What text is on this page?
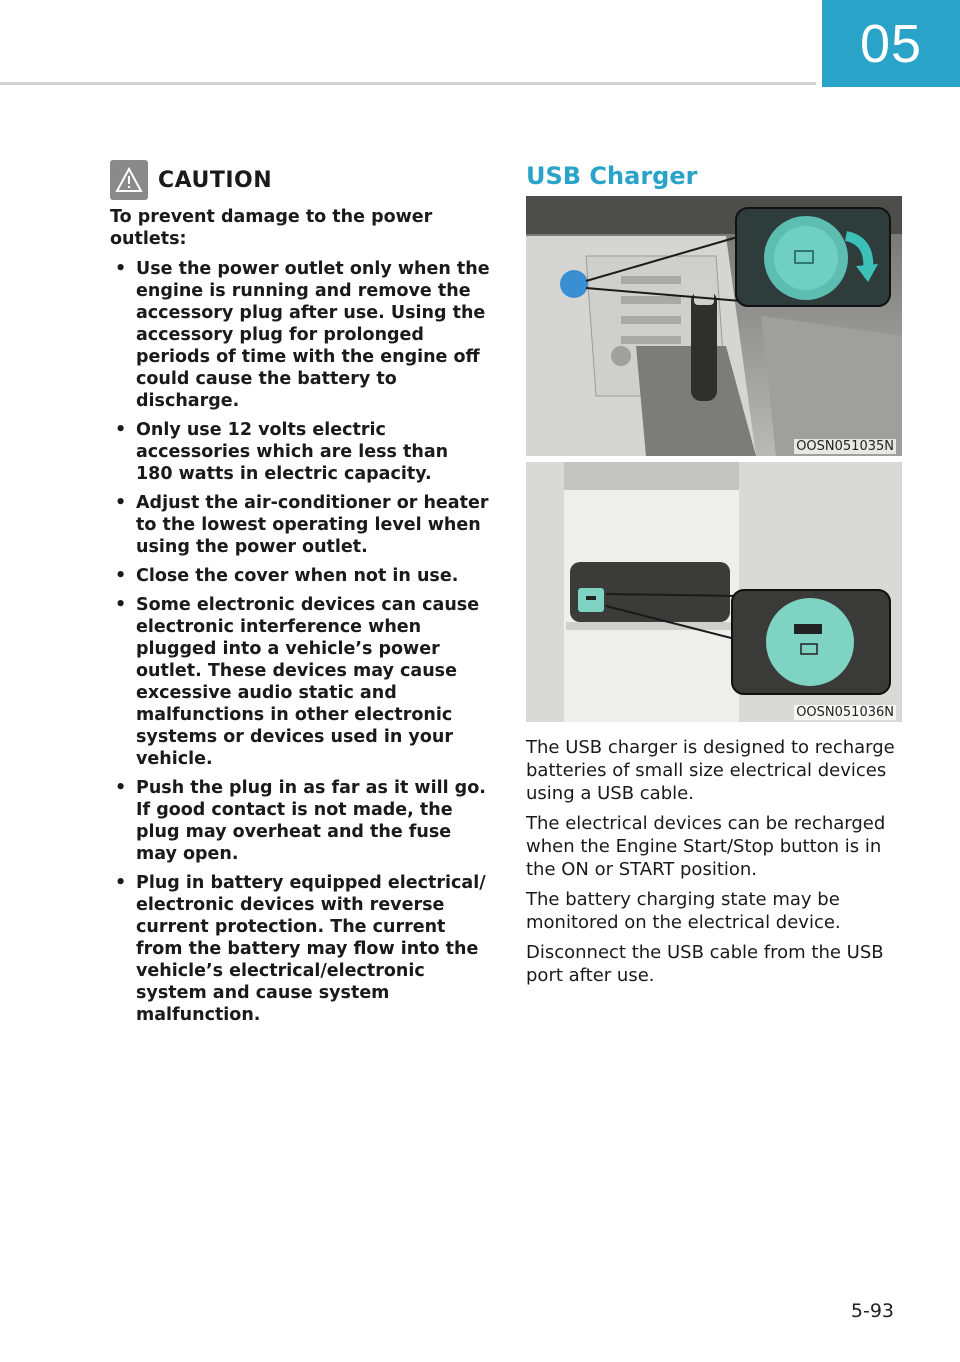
05
CAUTION
To prevent damage to the power outlets:
• Use the power outlet only when the engine is running and remove the accessory plug after use. Using the accessory plug for prolonged periods of time with the engine off could cause the battery to discharge.
• Only use 12 volts electric accessories which are less than 180 watts in electric capacity.
• Adjust the air-conditioner or heater to the lowest operating level when using the power outlet.
• Close the cover when not in use.
• Some electronic devices can cause electronic interference when plugged into a vehicle’s power outlet. These devices may cause excessive audio static and malfunctions in other electronic systems or devices used in your vehicle.
• Push the plug in as far as it will go. If good contact is not made, the plug may overheat and the fuse may open.
• Plug in battery equipped electrical/ electronic devices with reverse current protection. The current from the battery may flow into the vehicle’s electrical/electronic system and cause system malfunction.
USB Charger
OOSN051035N
OOSN051036N

The USB charger is designed to recharge batteries of small size electrical devices using a USB cable.

The electrical devices can be recharged when the Engine Start/Stop button is in the ON or START position.

The battery charging state may be monitored on the electrical device.

Disconnect the USB cable from the USB port after use.

5-93
